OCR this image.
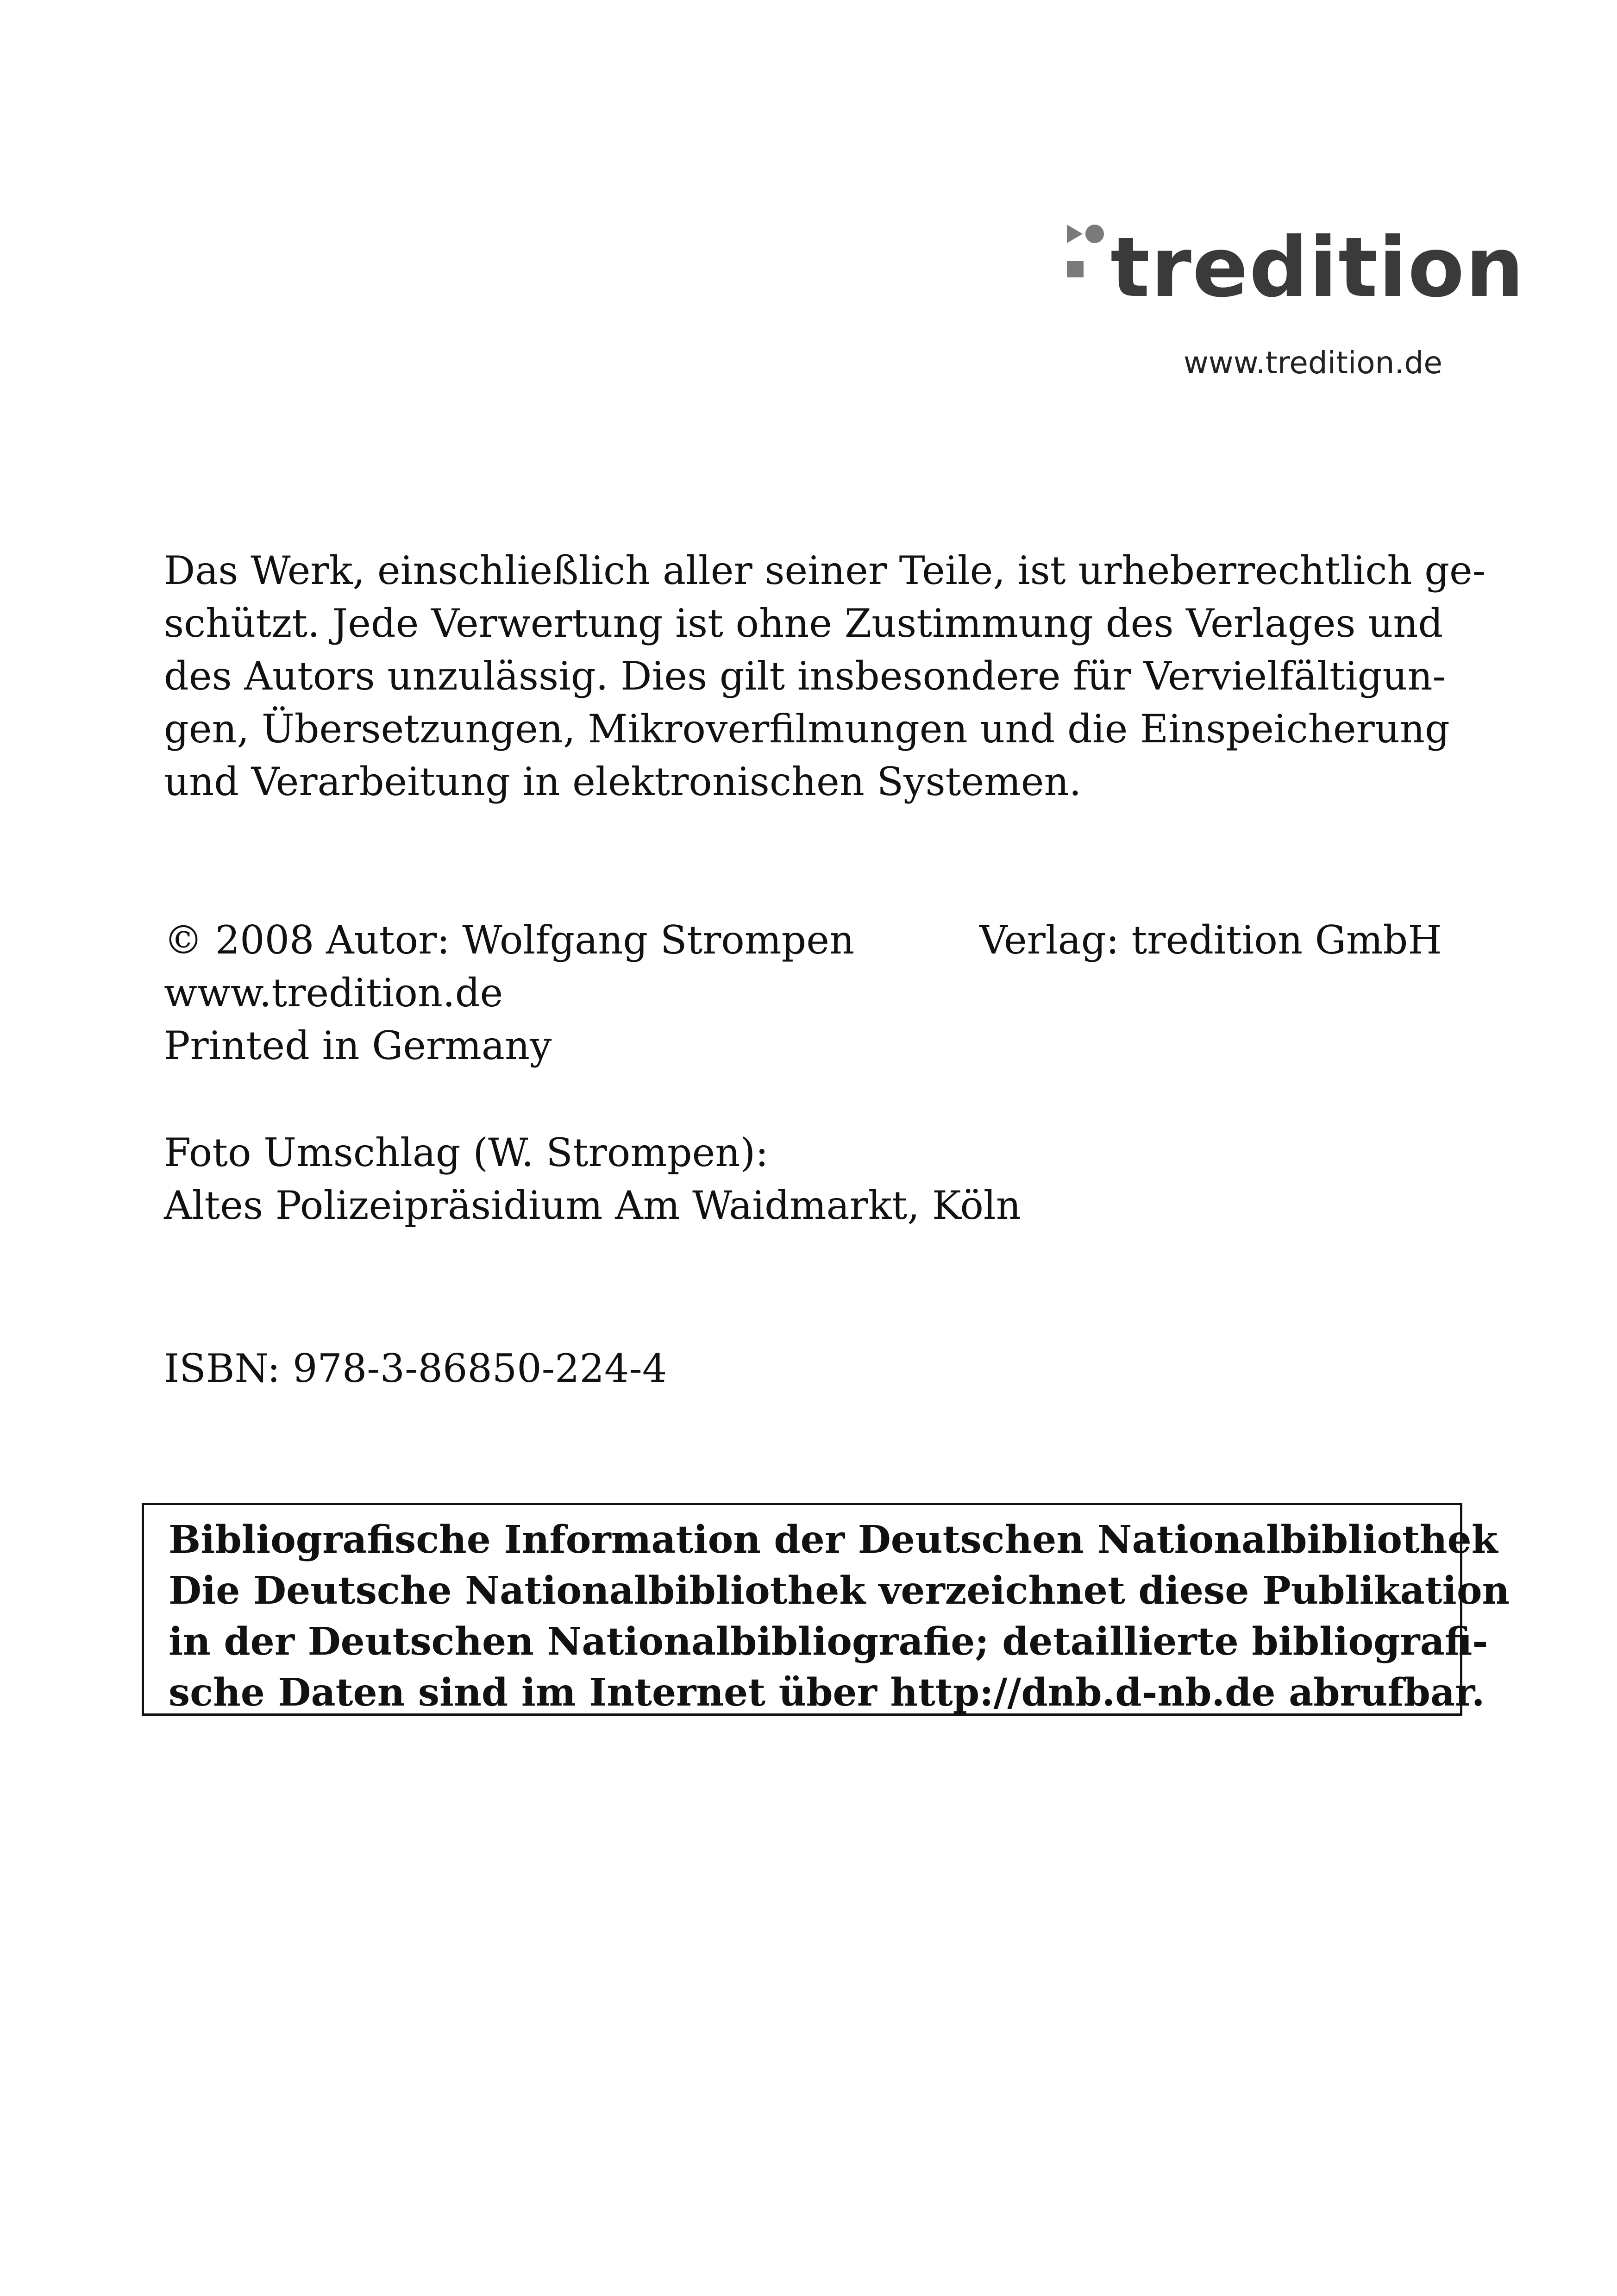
tredition
www.tredition.de
Das Werk, einschließlich aller seiner Teile, ist urheberrechtlich ge-
schützt. Jede Verwertung ist ohne Zustimmung des Verlages und
des Autors unzulässig. Dies gilt insbesondere für Vervielfältigun-
gen, Übersetzungen, Mikroverfilmungen und die Einspeicherung
und Verarbeitung in elektronischen Systemen.
© 2008 Autor: Wolfgang Strompen	Verlag: tredition GmbH
www.tredition.de
Printed in Germany
Foto Umschlag (W. Strompen):
Altes Polizeipräsidium Am Waidmarkt, Köln
ISBN: 978-3-86850-224-4
Bibliografische Information der Deutschen Nationalbibliothek
Die Deutsche Nationalbibliothek verzeichnet diese Publikation
in der Deutschen Nationalbibliografie; detaillierte bibliografi-
sche Daten sind im Internet über http://dnb.d-nb.de abrufbar.
